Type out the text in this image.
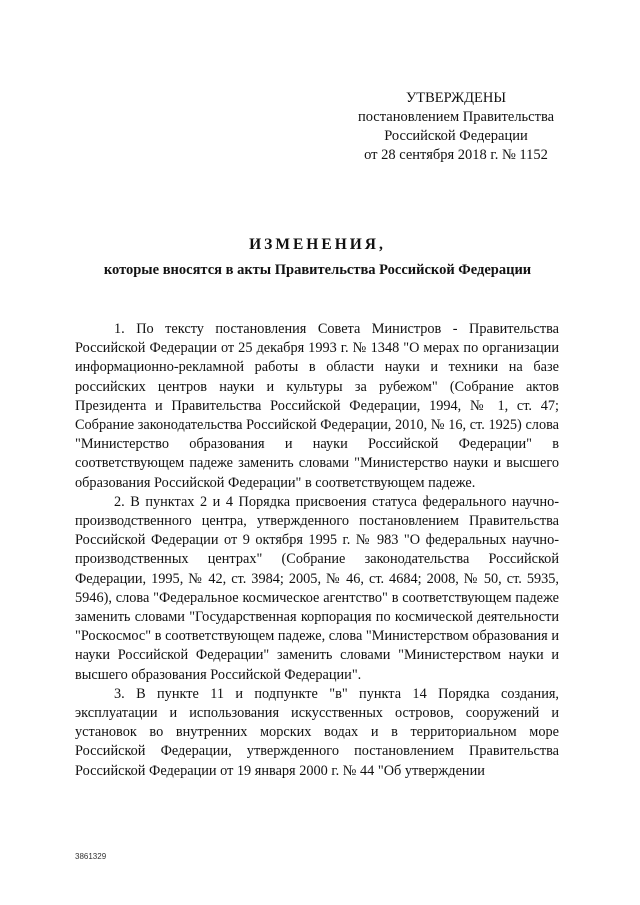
УТВЕРЖДЕНЫ
постановлением Правительства
Российской Федерации
от 28 сентября 2018 г. № 1152
ИЗМЕНЕНИЯ,
которые вносятся в акты Правительства Российской Федерации

1. По тексту постановления Совета Министров - Правительства Российской Федерации от 25 декабря 1993 г. № 1348 "О мерах по организации информационно-рекламной работы в области науки и техники на базе российских центров науки и культуры за рубежом" (Собрание актов Президента и Правительства Российской Федерации, 1994, № 1, ст. 47; Собрание законодательства Российской Федерации, 2010, № 16, ст. 1925) слова "Министерство образования и науки Российской Федерации" в соответствующем падеже заменить словами "Министерство науки и высшего образования Российской Федерации" в соответствующем падеже.

2. В пунктах 2 и 4 Порядка присвоения статуса федерального научно-производственного центра, утвержденного постановлением Правительства Российской Федерации от 9 октября 1995 г. № 983 "О федеральных научно-производственных центрах" (Собрание законодательства Российской Федерации, 1995, № 42, ст. 3984; 2005, № 46, ст. 4684; 2008, № 50, ст. 5935, 5946), слова "Федеральное космическое агентство" в соответствующем падеже заменить словами "Государственная корпорация по космической деятельности "Роскосмос" в соответствующем падеже, слова "Министерством образования и науки Российской Федерации" заменить словами "Министерством науки и высшего образования Российской Федерации".

3. В пункте 11 и подпункте "в" пункта 14 Порядка создания, эксплуатации и использования искусственных островов, сооружений и установок во внутренних морских водах и в территориальном море Российской Федерации, утвержденного постановлением Правительства Российской Федерации от 19 января 2000 г. № 44 "Об утверждении

3861329
